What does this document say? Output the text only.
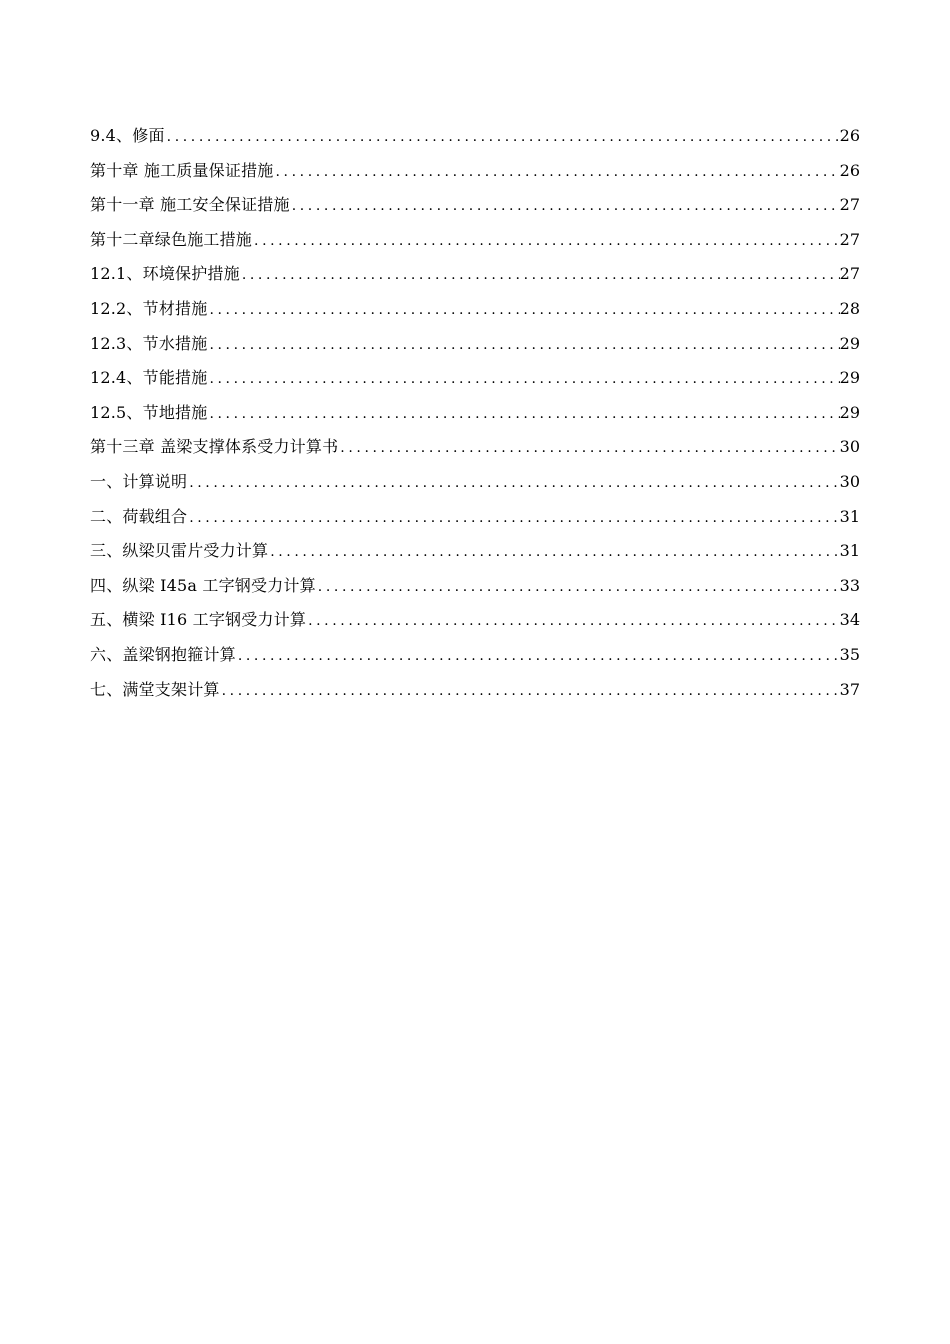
9.4、修面 .....	26
第十章 施工质量保证措施 .....	26
第十一章 施工安全保证措施 .....	27
第十二章绿色施工措施 .....	27
12.1、环境保护措施 .....	27
12.2、节材措施 .....	28
12.3、节水措施 .....	29
12.4、节能措施 .....	29
12.5、节地措施 .....	29
第十三章 盖梁支撑体系受力计算书 .....	30
一、计算说明 .....	30
二、荷载组合 .....	31
三、纵梁贝雷片受力计算 .....	31
四、纵梁 I45a 工字钢受力计算 .....	33
五、横梁 I16 工字钢受力计算 .....	34
六、盖梁钢抱箍计算 .....	35
七、满堂支架计算 .....	37
